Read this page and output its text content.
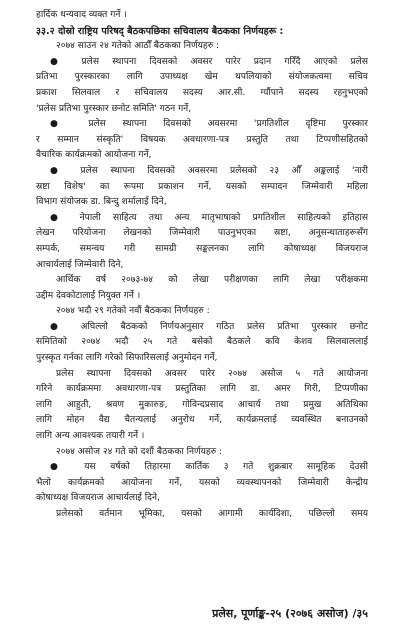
हार्दिक धन्यवाद व्यक्त गर्ने ।
३३.२ दोस्रो राष्ट्रिय परिषद् बैठकपछिका सचिवालय बैठकका निर्णयहरू :
२०७४ साउन २४ गतेको आठौँ बैठकका निर्णयहरु :
● प्रलेस स्थापना दिवसको अवसर पारेर प्रदान गरिँदै आएको प्रलेस
प्रतिभा पुरस्कारका लागि उपाध्यक्ष खेम थपलियाको संयोजकत्वमा सचिव
प्रकाश सिलवाल र सचिवालय सदस्य आर.सी. ग्यौंपाने सदस्य रहनुभएको
'प्रलेस प्रतिभा पुरस्कार छनोट समिति' गठन गर्ने,
● प्रलेस स्थापना दिवसको अवसरमा 'प्रगतिशील दृष्टिमा पुरस्कार
र सम्मान संस्कृति' विषयक अवधारणा-पत्र प्रस्तुति तथा टिप्पणीसहितको
वैचारिक कार्यक्रमको आयोजना गर्ने,
● प्रलेस स्थापना दिवसको अवसरमा प्रलेसको २३ औँ अङ्कलाई 'नारी
स्रष्टा विशेष' का रूपमा प्रकाशन गर्ने, यसको सम्पादन जिम्मेवारी महिला
विभाग संयोजक डा. बिन्दु शर्मालाई दिने,
● नेपाली साहित्य तथा अन्य मातृभाषाको प्रगतिशील साहित्यको इतिहास
लेखन परियोजना लेखनको जिम्मेवारी पाउनुभएका स्रष्टा, अनुसन्धाताहरूसँग
सम्पर्क, समन्वय गरी सामग्री सङ्कलनका लागि कोषाध्यक्ष विजयराज
आचार्यलाई जिम्मेवारी दिने,
आर्थिक वर्ष २०७३-७४ को लेखा परीक्षणका लागि लेखा परीक्षकमा
उद्दीम देवकोटालाई नियुक्त गर्ने ।
२०७४ भदौ २९ गतेको नवौं बैठकका निर्णयहरु :
● अघिल्लो बैठकको निर्णयअनुसार गठित प्रलेस प्रतिभा पुरस्कार छनोट
समितिको २०७४ भदौ २५ गते बसेको बैठकले कवि केशव सिलवाललाई
पुरस्कृत गर्नका लागि गरेको सिफारिसलाई अनुमोदन गर्ने,
प्रलेस स्थापना दिवसको अवसर पारेर २०७४ असोज ५ गते आयोजना
गरिने कार्यक्रममा अवधारणा-पत्र प्रस्तुतिका लागि डा. अमर गिरी, टिप्पणीका
लागि आहुती, श्रवण मुकारुङ, गोविन्दप्रसाद आचार्य तथा प्रमुख अतिथिका
लागि मोहन वैद्य चैतन्यलाई अनुरोध गर्ने, कार्यक्रमलाई व्यवस्थित बनाउनको
लागि अन्य आवश्यक तयारी गर्ने ।
२०७४ असोज २४ गते को दशौं बैठकका निर्णयहरु :
● यस वर्षको तिहारमा कार्तिक ३ गते शुक्रबार सामूहिक देउसी
भैलो कार्यक्रमको आयोजना गर्ने, यसको व्यवस्थापनको जिम्मेवारी केन्द्रीय
कोषाध्यक्ष विजयराज आचार्यलाई दिने,
प्रलेसको वर्तमान भूमिका, यसको आगामी कार्यदिशा, पछिल्लो समय
प्रलेस, पूर्णाङ्क-२५ (२०७६ असोज) /३५
